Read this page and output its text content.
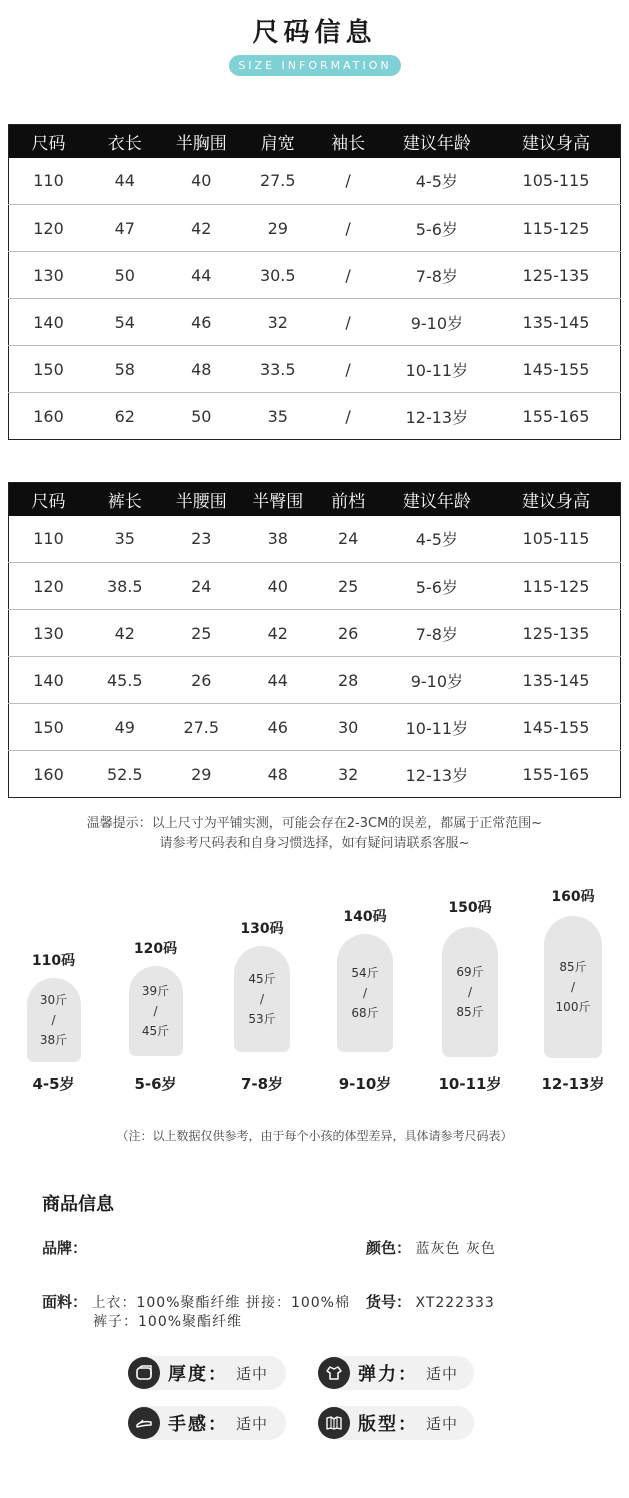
尺码信息
SIZE INFORMATION
尺码	衣长	半胸围	肩宽	袖长	建议年龄	建议身高
110	44	40	27.5	/	4-5岁	105-115
120	47	42	29	/	5-6岁	115-125
130	50	44	30.5	/	7-8岁	125-135
140	54	46	32	/	9-10岁	135-145
150	58	48	33.5	/	10-11岁	145-155
160	62	50	35	/	12-13岁	155-165
尺码	裤长	半腰围	半臀围	前档	建议年龄	建议身高
110	35	23	38	24	4-5岁	105-115
120	38.5	24	40	25	5-6岁	115-125
130	42	25	42	26	7-8岁	125-135
140	45.5	26	44	28	9-10岁	135-145
150	49	27.5	46	30	10-11岁	145-155
160	52.5	29	48	32	12-13岁	155-165
温馨提示：以上尺寸为平铺实测，可能会存在2-3CM的误差，都属于正常范围~
请参考尺码表和自身习惯选择，如有疑问请联系客服~
110码
30斤
/
38斤
4-5岁
120码
39斤
/
45斤
5-6岁
130码
45斤
/
53斤
7-8岁
140码
54斤
/
68斤
9-10岁
150码
69斤
/
85斤
10-11岁
160码
85斤
/
100斤
12-13岁
（注：以上数据仅供参考，由于每个小孩的体型差异，具体请参考尺码表）
商品信息
品牌：	颜色： 蓝灰色 灰色
面料： 上衣：100%聚酯纤维 拼接：100%棉
裤子：100%聚酯纤维
货号： XT222333
厚度： 适中	弹力： 适中
手感： 适中	版型： 适中
